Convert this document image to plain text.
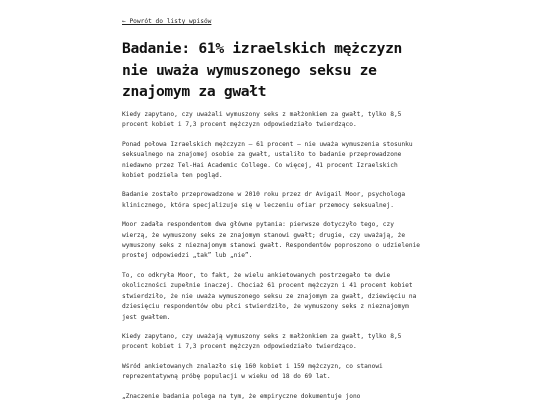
← Powrót do listy wpisów
Badanie: 61% izraelskich mężczyzn nie uważa wymuszonego seksu ze znajomym za gwałt

Kiedy zapytano, czy uważali wymuszony seks z małżonkiem za gwałt, tylko 8,5 procent kobiet i 7,3 procent mężczyzn odpowiedziało twierdząco.

Ponad połowa Izraelskich mężczyzn – 61 procent – nie uważa wymuszenia stosunku seksualnego na znajomej osobie za gwałt, ustaliło to badanie przeprowadzone niedawno przez Tel-Hai Academic College. Co więcej, 41 procent Izraelskich kobiet podziela ten pogląd.

Badanie zostało przeprowadzone w 2010 roku przez dr Avigail Moor, psychologa klinicznego, która specjalizuje się w leczeniu ofiar przemocy seksualnej.

Moor zadała respondentom dwa główne pytania: pierwsze dotyczyło tego, czy wierzą, że wymuszony seks ze znajomym stanowi gwałt; drugie, czy uważają, że wymuszony seks z nieznajomym stanowi gwałt. Respondentów poproszono o udzielenie prostej odpowiedzi „tak” lub „nie”.

To, co odkryła Moor, to fakt, że wielu ankietowanych postrzegało te dwie okoliczności zupełnie inaczej. Chociaż 61 procent mężczyzn i 41 procent kobiet stwierdziło, że nie uważa wymuszonego seksu ze znajomym za gwałt, dziewięciu na dziesięciu respondentów obu płci stwierdziło, że wymuszony seks z nieznajomym jest gwałtem.

Kiedy zapytano, czy uważają wymuszony seks z małżonkiem za gwałt, tylko 8,5 procent kobiet i 7,3 procent mężczyzn odpowiedziało twierdząco.

Wśród ankietowanych znalazło się 160 kobiet i 159 mężczyzn, co stanowi reprezentatywną próbę populacji w wieku od 18 do 69 lat.

„Znaczenie badania polega na tym, że empiryczne dokumentuje jono
